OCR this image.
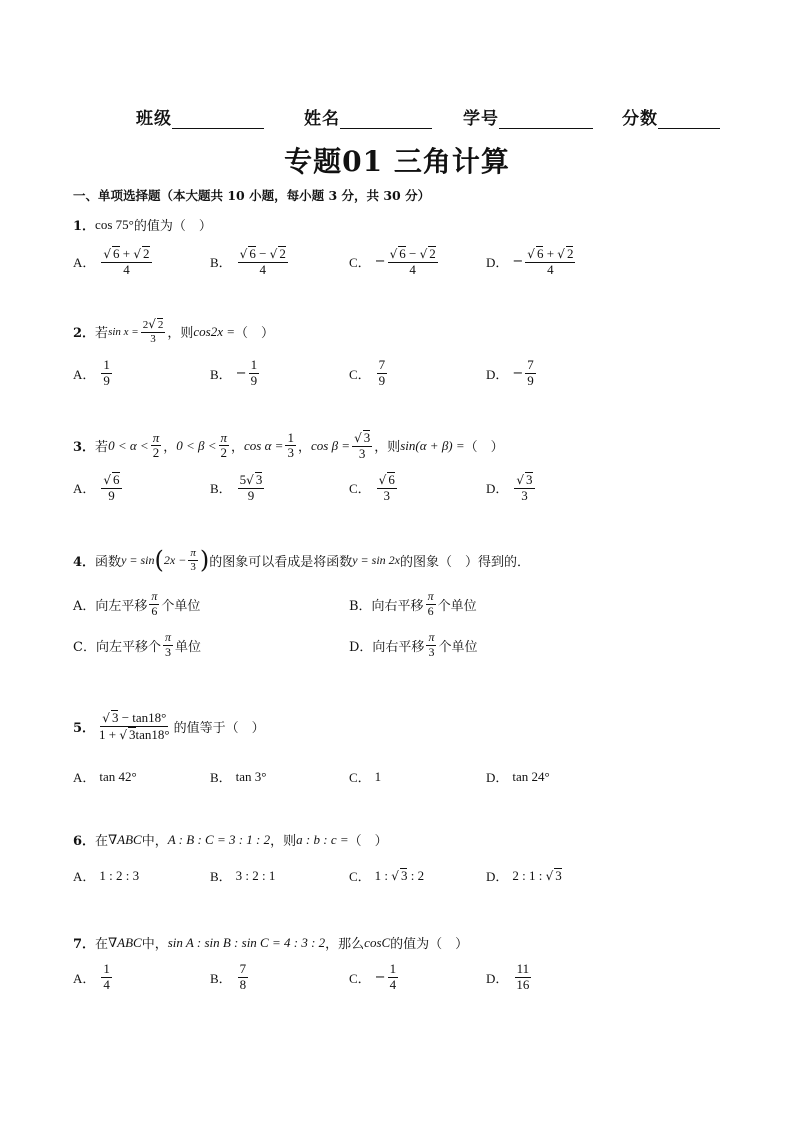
班级	姓名	学号	分数
专题01 三角计算
一、单项选择题（本大题共 10 小题，每小题 3 分，共 30 分）
1． cos 75° 的值为（　）
A． $\frac{√ 6 + √ 2}{4}$	B． $\frac{√ 6 - √ 2}{4}$	C． − $\frac{√ 6 - √ 2}{4}$	D． − $\frac{√ 6 + √ 2}{4}$
2． 若 $\sin x = \frac{2√ 2}{3}$ ，则 cos2x = （　）
A． $\frac{1}{9}$	B． − $\frac{1}{9}$	C． $\frac{7}{9}$	D． − $\frac{7}{9}$
3． 若 $0 < \alpha < \frac{\pi}{2}$ ， $0 < \beta < \frac{\pi}{2}$ ， $\cos \alpha = \frac{1}{3}$ ， $\cos \beta = \frac{√ 3}{3}$ ，则 sin(α + β) = （　）
A． $\frac{√ 6}{9}$	B． $\frac{5√ 3}{9}$	C． $\frac{√ 6}{3}$	D． $\frac{√ 3}{3}$
4． 函数 y = sin ( $2x - \frac{\pi}{3}$ ) 的图象可以看成是将函数 y = sin 2x 的图象（　）得到的．
A．向左平移 $\frac{\pi}{6}$ 个单位	B．向右平移 $\frac{\pi}{6}$ 个单位
C．向左平移个 $\frac{\pi}{3}$ 单位	D．向右平移 $\frac{\pi}{3}$ 个单位
5． $\frac{√ 3 - \tan 18^\circ}{1 + √ 3\tan 18^\circ}$ 的值等于（　）
A． tan 42°	B． tan 3°	C． 1	D． tan 24°
6． 在 ∇ABC 中， A : B : C = 3 : 1 : 2 ，则 a : b : c = （　）
A． 1 : 2 : 3	B． 3 : 2 : 1	C． 1 : √ 3 : 2	D． 2 : 1 : √ 3
7． 在 ∇ABC 中， sin A : sin B : sin C = 4 : 3 : 2 ，那么 cosC 的值为（　）
A． $\frac{1}{4}$	B． $\frac{7}{8}$	C． − $\frac{1}{4}$	D． $\frac{11}{16}$
